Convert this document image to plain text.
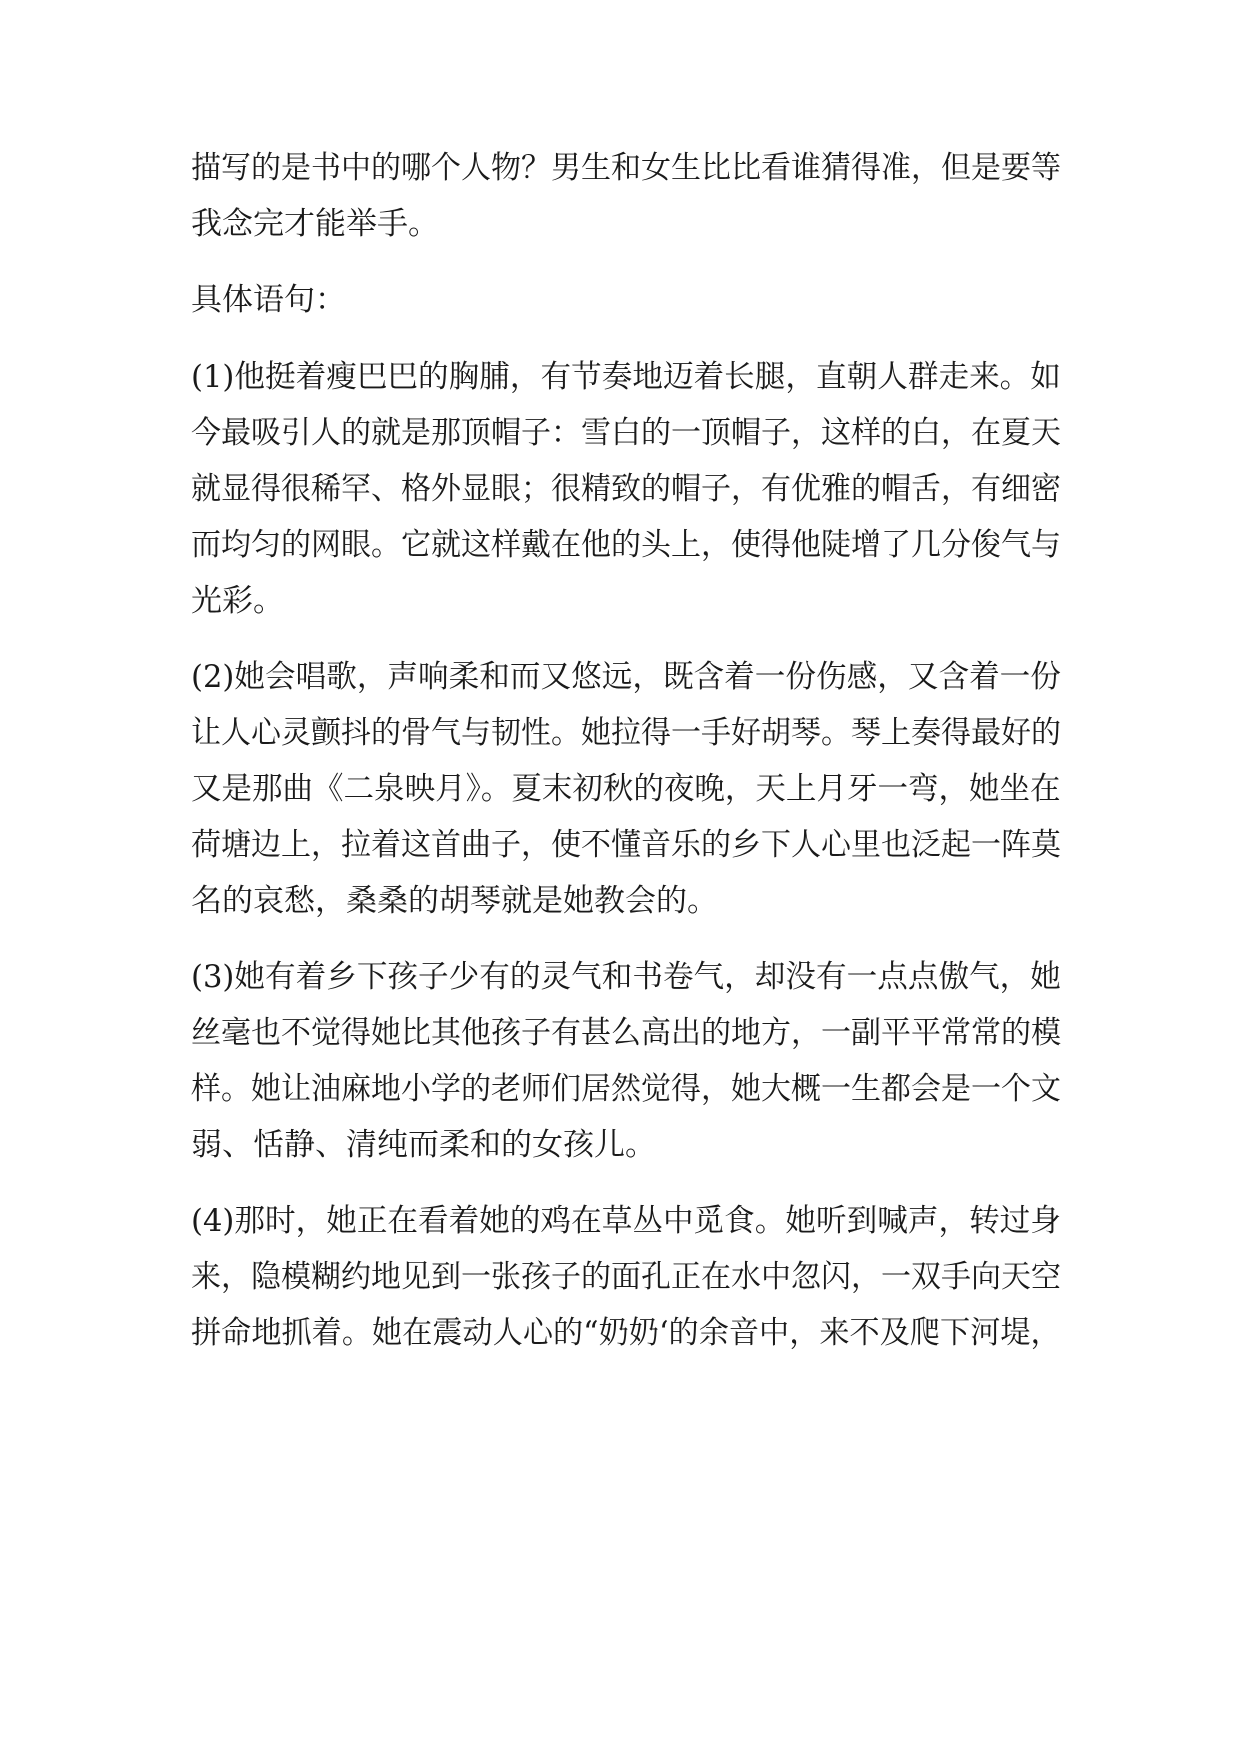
描写的是书中的哪个人物？男生和女生比比看谁猜得准，但是要等
我念完才能举手。
具体语句：
(1)他挺着瘦巴巴的胸脯，有节奏地迈着长腿，直朝人群走来。如
今最吸引人的就是那顶帽子：雪白的一顶帽子，这样的白，在夏天
就显得很稀罕、格外显眼；很精致的帽子，有优雅的帽舌，有细密
而均匀的网眼。它就这样戴在他的头上，使得他陡增了几分俊气与
光彩。
(2)她会唱歌，声响柔和而又悠远，既含着一份伤感，又含着一份
让人心灵颤抖的骨气与韧性。她拉得一手好胡琴。琴上奏得最好的
又是那曲《二泉映月》。夏末初秋的夜晚，天上月牙一弯，她坐在
荷塘边上，拉着这首曲子，使不懂音乐的乡下人心里也泛起一阵莫
名的哀愁，桑桑的胡琴就是她教会的。
(3)她有着乡下孩子少有的灵气和书卷气，却没有一点点傲气，她
丝毫也不觉得她比其他孩子有甚么高出的地方，一副平平常常的模
样。她让油麻地小学的老师们居然觉得，她大概一生都会是一个文
弱、恬静、清纯而柔和的女孩儿。
(4)那时，她正在看着她的鸡在草丛中觅食。她听到喊声，转过身
来，隐模糊约地见到一张孩子的面孔正在水中忽闪，一双手向天空
拼命地抓着。她在震动人心的“奶奶‘的余音中，来不及爬下河堤，
